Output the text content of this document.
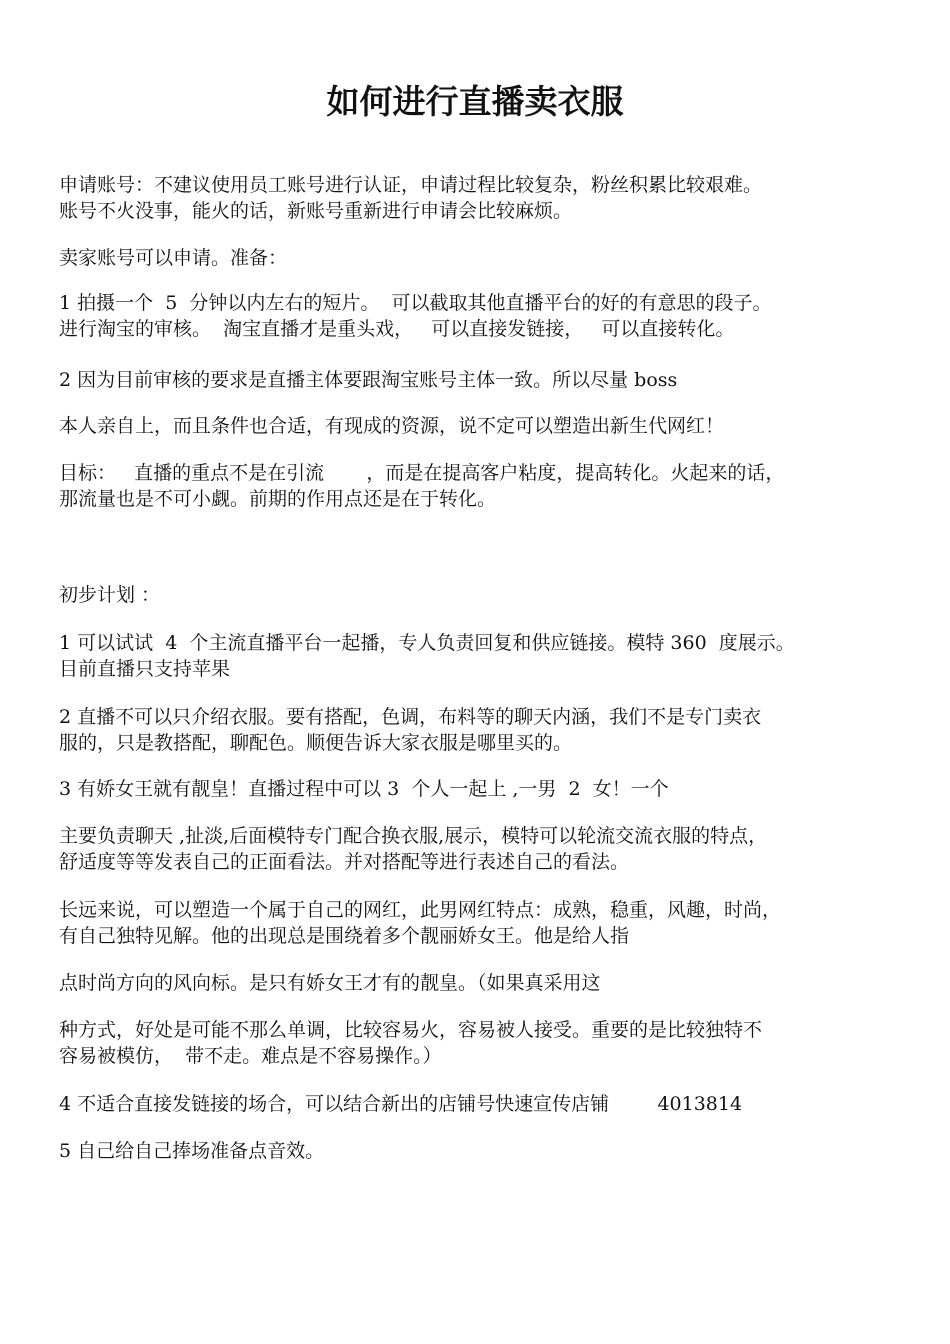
如何进行直播卖衣服

申请账号：不建议使用员工账号进行认证，申请过程比较复杂，粉丝积累比较艰难。
账号不火没事，能火的话，新账号重新进行申请会比较麻烦。

卖家账号可以申请。准备：

1 拍摄一个  5  分钟以内左右的短片。  可以截取其他直播平台的好的有意思的段子。
进行淘宝的审核。  淘宝直播才是重头戏，   可以直接发链接，   可以直接转化。

2 因为目前审核的要求是直播主体要跟淘宝账号主体一致。所以尽量 boss

本人亲自上，而且条件也合适，有现成的资源，说不定可以塑造出新生代网红！

目标：   直播的重点不是在引流       ，而是在提高客户粘度，提高转化。火起来的话，
那流量也是不可小觑。前期的作用点还是在于转化。

初步计划 ：

1 可以试试  4  个主流直播平台一起播，专人负责回复和供应链接。模特 360  度展示。
目前直播只支持苹果

2 直播不可以只介绍衣服。要有搭配，色调，布料等的聊天内涵，我们不是专门卖衣
服的，只是教搭配，聊配色。顺便告诉大家衣服是哪里买的。

3 有娇女王就有靓皇！直播过程中可以 3  个人一起上 ,一男  2  女！一个

主要负责聊天 ,扯淡,后面模特专门配合换衣服,展示，模特可以轮流交流衣服的特点，
舒适度等等发表自己的正面看法。并对搭配等进行表述自己的看法。

长远来说，可以塑造一个属于自己的网红，此男网红特点：成熟，稳重，风趣，时尚，
有自己独特见解。他的出现总是围绕着多个靓丽娇女王。他是给人指

点时尚方向的风向标。是只有娇女王才有的靓皇。（如果真采用这

种方式，好处是可能不那么单调，比较容易火，容易被人接受。重要的是比较独特不
容易被模仿，  带不走。难点是不容易操作。）

4 不适合直接发链接的场合，可以结合新出的店铺号快速宣传店铺        4013814

5 自己给自己捧场准备点音效。
